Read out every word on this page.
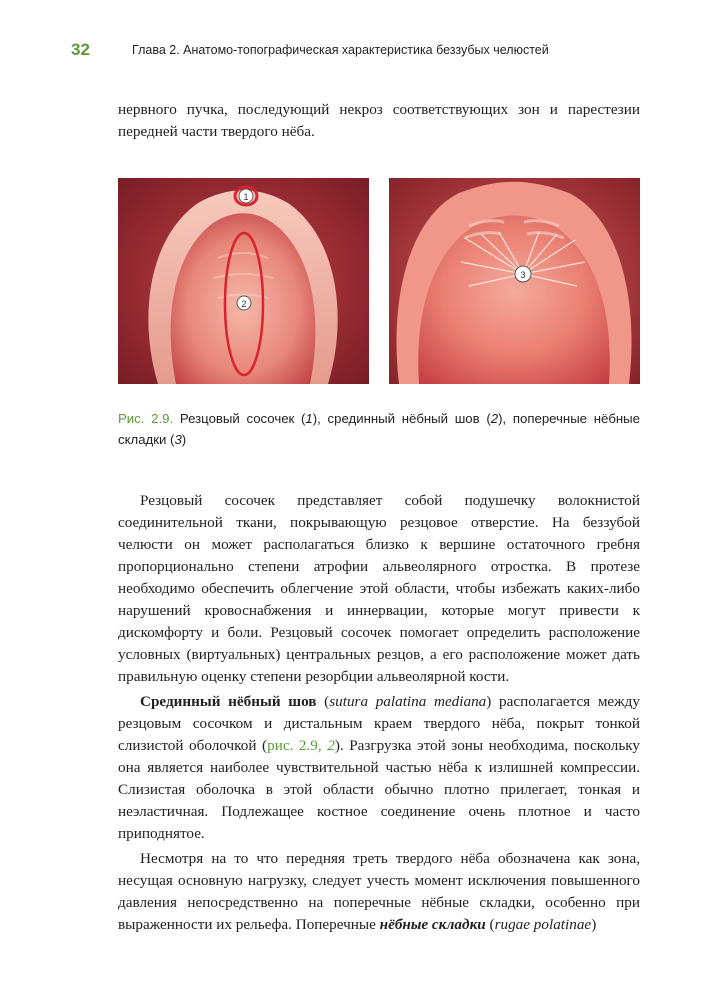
32	Глава 2. Анатомо-топографическая характеристика беззубых челюстей
нервного пучка, последующий некроз соответствующих зон и парестезии
передней части твердого нёба.
1
2
3
Рис. 2.9. Резцовый сосочек (1), срединный нёбный шов (2), поперечные нёбные складки (3)

Резцовый сосочек представляет собой подушечку волокнистой соединительной ткани, покрывающую резцовое отверстие. На беззубой челюсти он может располагаться близко к вершине остаточного гребня пропорционально степени атрофии альвеолярного отростка. В протезе необходимо обеспечить облегчение этой области, чтобы избежать каких-либо нарушений кровоснабжения и иннервации, которые могут привести к дискомфорту и боли. Резцовый сосочек помогает определить расположение условных (виртуальных) центральных резцов, а его расположение может дать правильную оценку степени резорбции альвеолярной кости.

Срединный нёбный шов (sutura palatina mediana) располагается между резцовым сосочком и дистальным краем твердого нёба, покрыт тонкой слизистой оболочкой (рис. 2.9, 2). Разгрузка этой зоны необходима, поскольку она является наиболее чувствительной частью нёба к излишней компрессии. Слизистая оболочка в этой области обычно плотно прилегает, тонкая и неэластичная. Подлежащее костное соединение очень плотное и часто приподнятое.

Несмотря на то что передняя треть твердого нёба обозначена как зона, несущая основную нагрузку, следует учесть момент исключения повышенного давления непосредственно на поперечные нёбные складки, особенно при выраженности их рельефа. Поперечные нёбные складки (rugae polatinae)
